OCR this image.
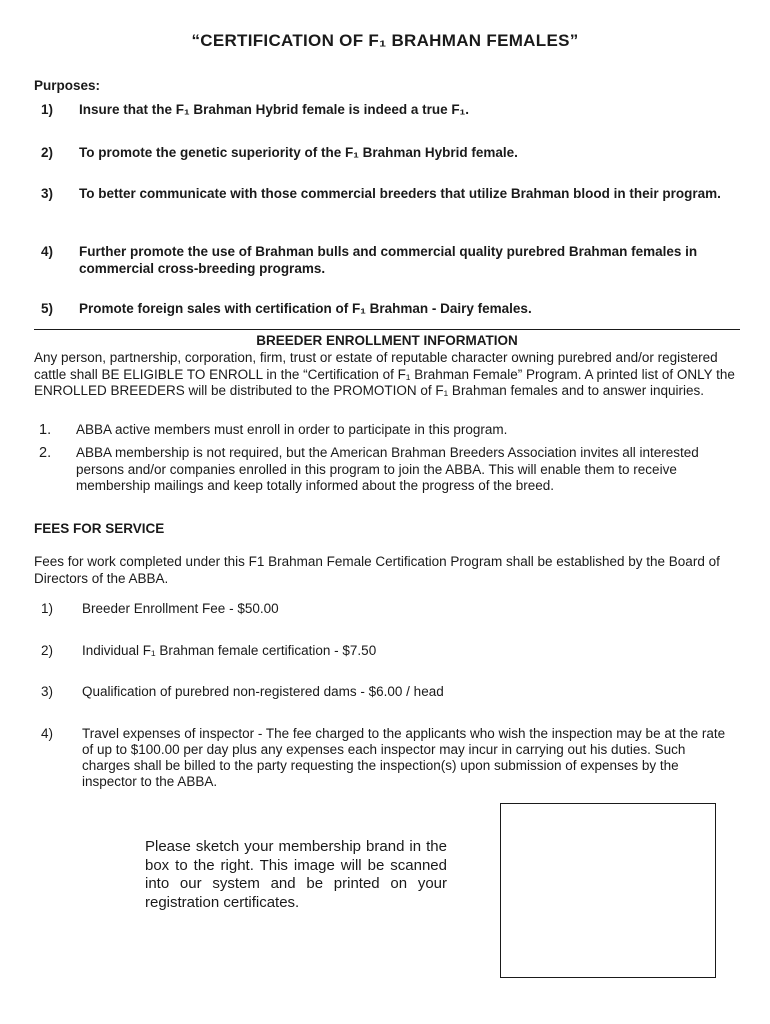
“CERTIFICATION OF F₁ BRAHMAN FEMALES”
Purposes:
1) Insure that the F₁ Brahman Hybrid female is indeed a true F₁.
2) To promote the genetic superiority of the F₁ Brahman Hybrid female.
3) To better communicate with those commercial breeders that utilize Brahman blood in their program.
4) Further promote the use of Brahman bulls and commercial quality purebred Brahman females in commercial cross-breeding programs.
5) Promote foreign sales with certification of F₁ Brahman - Dairy females.
BREEDER ENROLLMENT INFORMATION
Any person, partnership, corporation, firm, trust or estate of reputable character owning purebred and/or registered cattle shall BE ELIGIBLE TO ENROLL in the “Certification of F₁ Brahman Female” Program. A printed list of ONLY the ENROLLED BREEDERS will be distributed to the PROMOTION of F₁ Brahman females and to answer inquiries.
1. ABBA active members must enroll in order to participate in this program.
2. ABBA membership is not required, but the American Brahman Breeders Association invites all interested persons and/or companies enrolled in this program to join the ABBA. This will enable them to receive membership mailings and keep totally informed about the progress of the breed.
FEES FOR SERVICE
Fees for work completed under this F1 Brahman Female Certification Program shall be established by the Board of Directors of the ABBA.
1) Breeder Enrollment Fee - $50.00
2) Individual F₁ Brahman female certification - $7.50
3) Qualification of purebred non-registered dams - $6.00 / head
4) Travel expenses of inspector - The fee charged to the applicants who wish the inspection may be at the rate of up to $100.00 per day plus any expenses each inspector may incur in carrying out his duties. Such charges shall be billed to the party requesting the inspection(s) upon submission of expenses by the inspector to the ABBA.
Please sketch your membership brand in the box to the right. This image will be scanned into our system and be printed on your registration certificates.
